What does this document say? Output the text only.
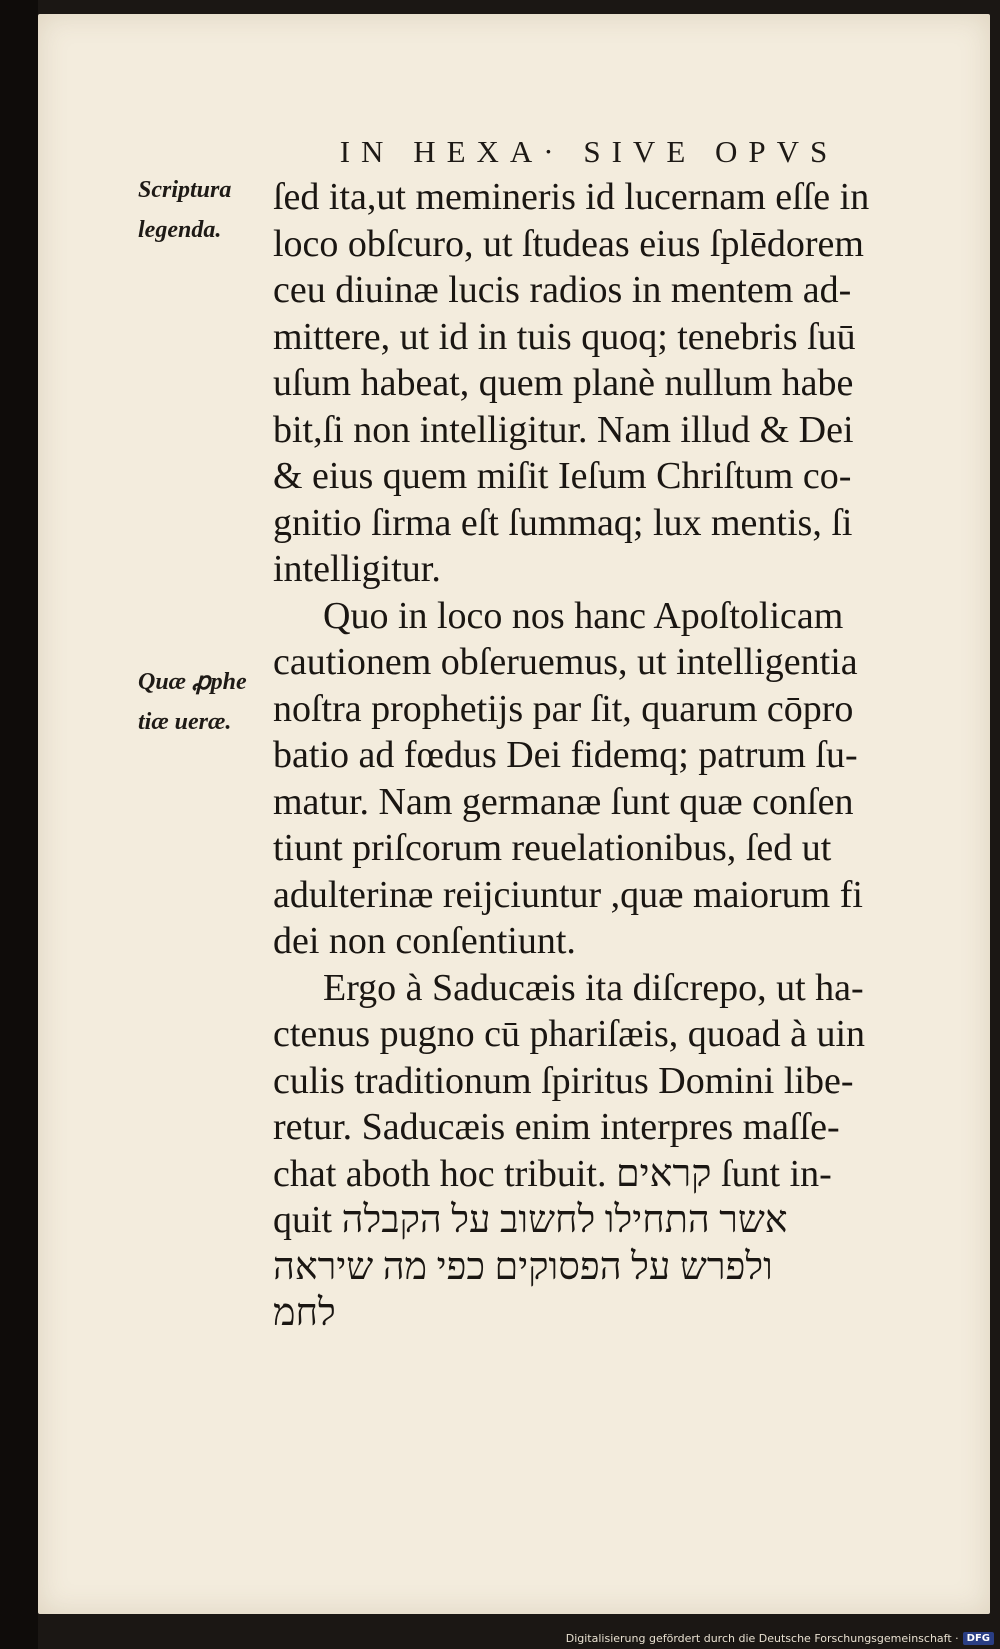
IN HEXA· SIVE OPVS
Scriptura
legenda.
Quæ ꝓphe
tiæ ueræ.
ſed ita,ut memineris id lucernam eſſe in
loco obſcuro, ut ſtudeas eius ſplēdorem
ceu diuinæ lucis radios in mentem ad-
mittere, ut id in tuis quoq; tenebris ſuū
uſum habeat, quem planè nullum habe
bit,ſi non intelligitur. Nam illud & Dei
& eius quem miſit Ieſum Chriſtum co-
gnitio ſirma eſt ſummaq; lux mentis, ſi
intelligitur.
Quo in loco nos hanc Apoſtolicam
cautionem obſeruemus, ut intelligentia
noſtra prophetijs par ſit, quarum cōpro
batio ad fœdus Dei fidemq; patrum ſu-
matur. Nam germanæ ſunt quæ conſen
tiunt priſcorum reuelationibus, ſed ut
adulterinæ reijciuntur ,quæ maiorum fi
dei non conſentiunt.
Ergo à Saducæis ita diſcrepo, ut ha-
ctenus pugno cū phariſæis, quoad à uin
culis traditionum ſpiritus Domini libe-
retur. Saducæis enim interpres maſſe-
chat aboth hoc tribuit. קראים ſunt in-
quit אשר התחילו לחשוב על הקבלה
ולפרש על הפסוקים כפי מה שיראה
לחמ
Digitalisierung gefördert durch die Deutsche Forschungsgemeinschaft · DFG
